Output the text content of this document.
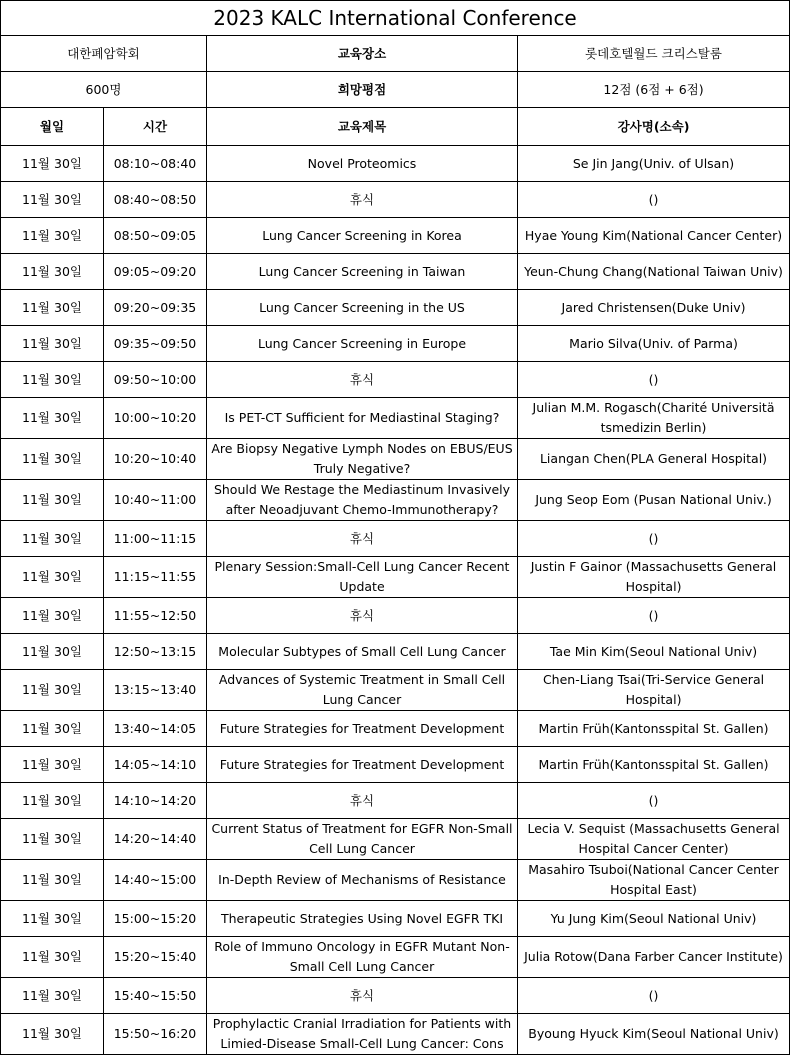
2023 KALC International Conference			
대한폐암학회		교육장소	롯데호텔월드 크리스탈룸
600명		희망평점	12점 (6점 + 6점)
월일	시간	교육제목	강사명(소속)
11월 30일	08:10~08:40	Novel Proteomics	Se Jin Jang(Univ. of Ulsan)
11월 30일	08:40~08:50	휴식	()
11월 30일	08:50~09:05	Lung Cancer Screening in Korea	Hyae Young Kim(National Cancer Center)
11월 30일	09:05~09:20	Lung Cancer Screening in Taiwan	Yeun-Chung Chang(National Taiwan Univ)
11월 30일	09:20~09:35	Lung Cancer Screening in the US	Jared Christensen(Duke Univ)
11월 30일	09:35~09:50	Lung Cancer Screening in Europe	Mario Silva(Univ. of Parma)
11월 30일	09:50~10:00	휴식	()
11월 30일	10:00~10:20	Is PET-CT Sufficient for Mediastinal Staging?	Julian M.M. Rogasch(Charité Universitä tsmedizin Berlin)
11월 30일	10:20~10:40	Are Biopsy Negative Lymph Nodes on EBUS/EUS Truly Negative?	Liangan Chen(PLA General Hospital)
11월 30일	10:40~11:00	Should We Restage the Mediastinum Invasively after Neoadjuvant Chemo-Immunotherapy?	Jung Seop Eom (Pusan National Univ.)
11월 30일	11:00~11:15	휴식	()
11월 30일	11:15~11:55	Plenary Session:Small-Cell Lung Cancer Recent Update	Justin F Gainor (Massachusetts General Hospital)
11월 30일	11:55~12:50	휴식	()
11월 30일	12:50~13:15	Molecular Subtypes of Small Cell Lung Cancer	Tae Min Kim(Seoul National Univ)
11월 30일	13:15~13:40	Advances of Systemic Treatment in Small Cell Lung Cancer	Chen-Liang Tsai(Tri-Service General Hospital)
11월 30일	13:40~14:05	Future Strategies for Treatment Development	Martin Früh(Kantonsspital St. Gallen)
11월 30일	14:05~14:10	Future Strategies for Treatment Development	Martin Früh(Kantonsspital St. Gallen)
11월 30일	14:10~14:20	휴식	()
11월 30일	14:20~14:40	Current Status of Treatment for EGFR Non-Small Cell Lung Cancer	Lecia V. Sequist (Massachusetts General Hospital Cancer Center)
11월 30일	14:40~15:00	In-Depth Review of Mechanisms of Resistance	Masahiro Tsuboi(National Cancer Center Hospital East)
11월 30일	15:00~15:20	Therapeutic Strategies Using Novel EGFR TKI	Yu Jung Kim(Seoul National Univ)
11월 30일	15:20~15:40	Role of Immuno Oncology in EGFR Mutant Non-Small Cell Lung Cancer	Julia Rotow(Dana Farber Cancer Institute)
11월 30일	15:40~15:50	휴식	()
11월 30일	15:50~16:20	Prophylactic Cranial Irradiation for Patients with Limied-Disease Small-Cell Lung Cancer: Cons	Byoung Hyuck Kim(Seoul National Univ)
